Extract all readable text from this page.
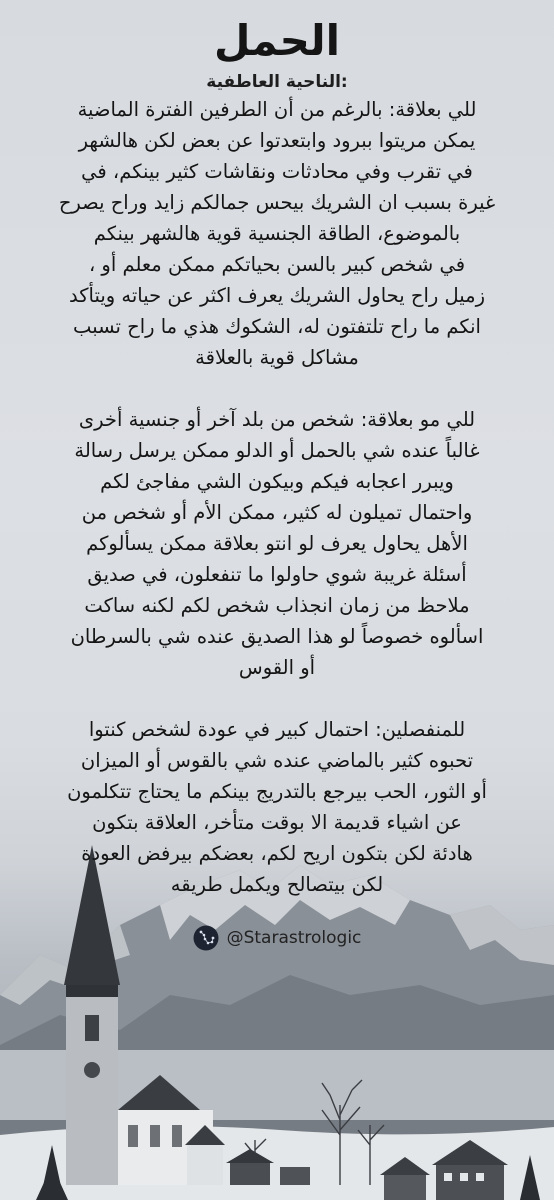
الحمل
:الناحية العاطفية

للي بعلاقة: بالرغم من أن الطرفين الفترة الماضية

يمكن مريتوا ببرود وابتعدتوا عن بعض لكن هالشهر

في تقرب وفي محادثات ونقاشات كثير بينكم، في

غيرة بسبب ان الشريك بيحس جمالكم زايد وراح يصرح

بالموضوع، الطاقة الجنسية قوية هالشهر بينكم

في شخص كبير بالسن بحياتكم ممكن معلم أو ،

زميل راح يحاول الشريك يعرف اكثر عن حياته ويتأكد

انكم ما راح تلتفتون له، الشكوك هذي ما راح تسبب

مشاكل قوية بالعلاقة

للي مو بعلاقة: شخص من بلد آخر أو جنسية أخرى

غالباً عنده شي بالحمل أو الدلو ممكن يرسل رسالة

ويبرر اعجابه فيكم وبيكون الشي مفاجئ لكم

واحتمال تميلون له كثير، ممكن الأم أو شخص من

الأهل يحاول يعرف لو انتو بعلاقة ممكن يسألوكم

أسئلة غريبة شوي حاولوا ما تنفعلون، في صديق

ملاحظ من زمان انجذاب شخص لكم لكنه ساكت

اسألوه خصوصاً لو هذا الصديق عنده شي بالسرطان

أو القوس

للمنفصلين: احتمال كبير في عودة لشخص كنتوا

تحبوه كثير بالماضي عنده شي بالقوس أو الميزان

أو الثور، الحب بيرجع بالتدريج بينكم ما يحتاج تتكلمون

عن اشياء قديمة الا بوقت متأخر، العلاقة بتكون

هادئة لكن بتكون اريح لكم، بعضكم بيرفض العودة

لكن بيتصالح ويكمل طريقه

@Starastrologic
